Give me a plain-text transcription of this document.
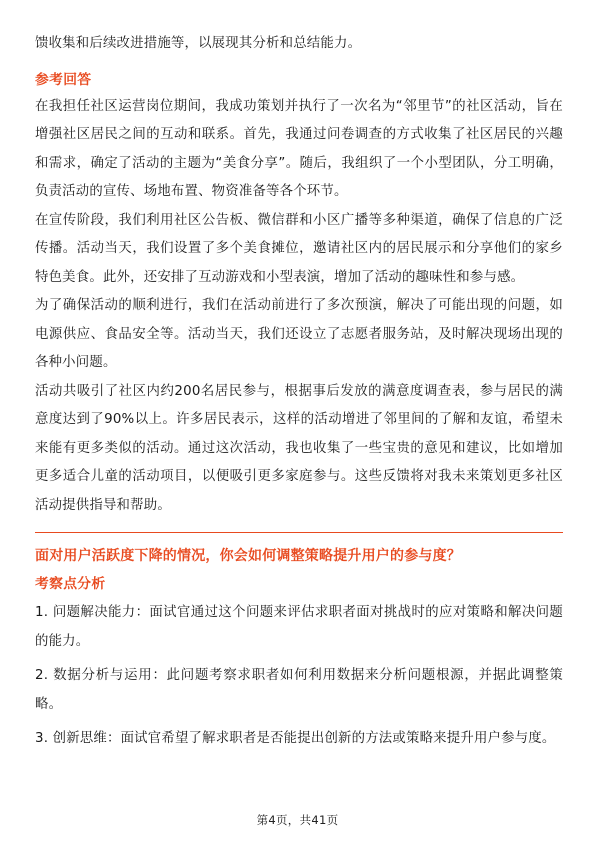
馈收集和后续改进措施等，以展现其分析和总结能力。

参考回答

在我担任社区运营岗位期间，我成功策划并执行了一次名为“邻里节”的社区活动，旨在增强社区居民之间的互动和联系。首先，我通过问卷调查的方式收集了社区居民的兴趣和需求，确定了活动的主题为“美食分享”。随后，我组织了一个小型团队，分工明确，负责活动的宣传、场地布置、物资准备等各个环节。

在宣传阶段，我们利用社区公告板、微信群和小区广播等多种渠道，确保了信息的广泛传播。活动当天，我们设置了多个美食摊位，邀请社区内的居民展示和分享他们的家乡特色美食。此外，还安排了互动游戏和小型表演，增加了活动的趣味性和参与感。

为了确保活动的顺利进行，我们在活动前进行了多次预演，解决了可能出现的问题，如电源供应、食品安全等。活动当天，我们还设立了志愿者服务站，及时解决现场出现的各种小问题。

活动共吸引了社区内约200名居民参与，根据事后发放的满意度调查表，参与居民的满意度达到了90%以上。许多居民表示，这样的活动增进了邻里间的了解和友谊，希望未来能有更多类似的活动。通过这次活动，我也收集了一些宝贵的意见和建议，比如增加更多适合儿童的活动项目，以便吸引更多家庭参与。这些反馈将对我未来策划更多社区活动提供指导和帮助。

面对用户活跃度下降的情况，你会如何调整策略提升用户的参与度？

考察点分析

1. 问题解决能力：面试官通过这个问题来评估求职者面对挑战时的应对策略和解决问题的能力。

2. 数据分析与运用：此问题考察求职者如何利用数据来分析问题根源，并据此调整策略。

3. 创新思维：面试官希望了解求职者是否能提出创新的方法或策略来提升用户参与度。

第4页，共41页
